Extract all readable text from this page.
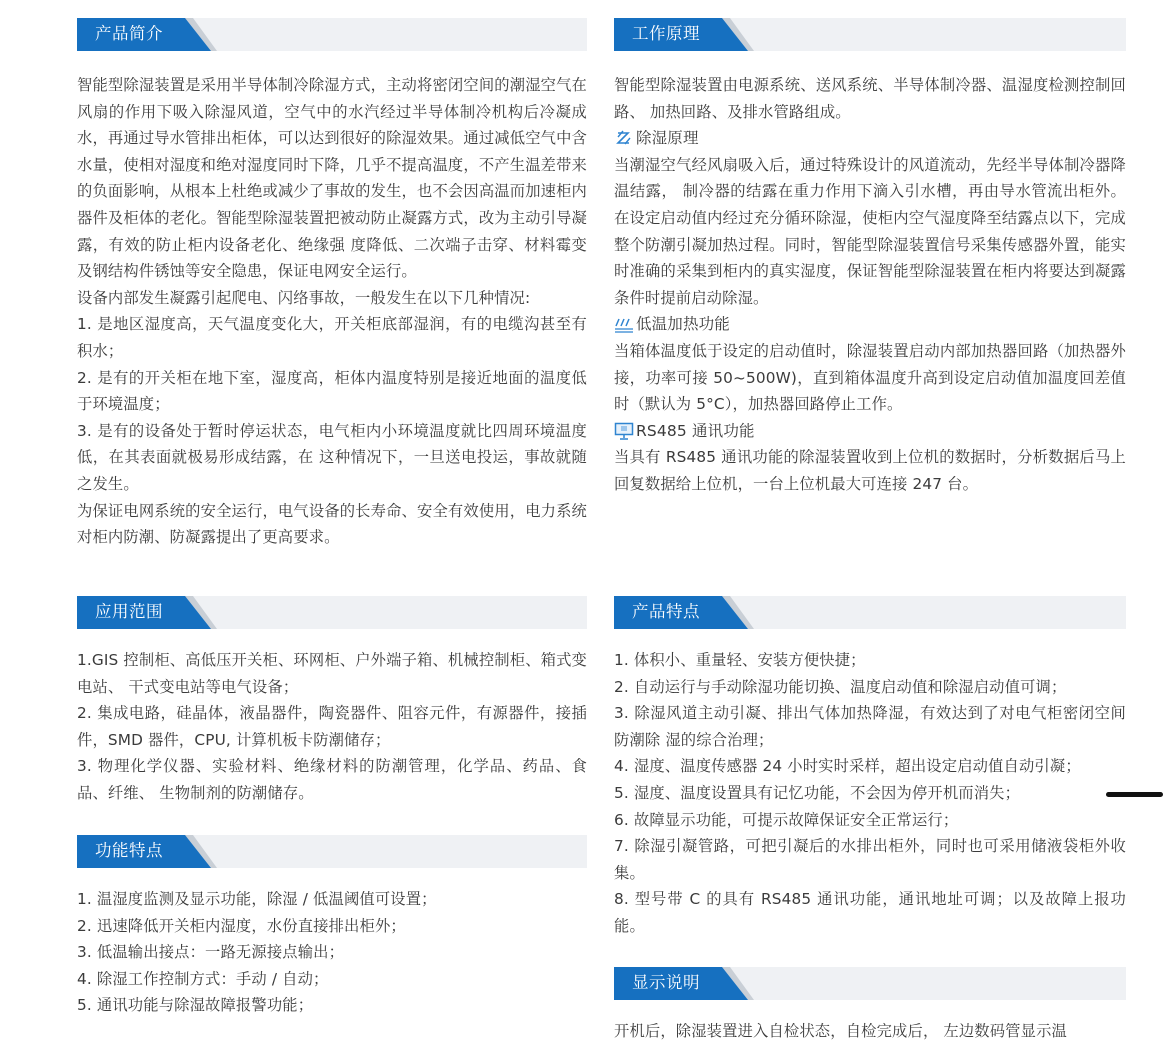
产品简介

智能型除湿装置是采用半导体制冷除湿方式，主动将密闭空间的潮湿空气在风扇的作用下吸入除湿风道，空气中的水汽经过半导体制冷机构后冷凝成水，再通过导水管排出柜体，可以达到很好的除湿效果。通过减低空气中含水量，使相对湿度和绝对湿度同时下降，几乎不提高温度，不产生温差带来的负面影响，从根本上杜绝或减少了事故的发生，也不会因高温而加速柜内器件及柜体的老化。智能型除湿装置把被动防止凝露方式，改为主动引导凝露，有效的防止柜内设备老化、绝缘强 度降低、二次端子击穿、材料霉变及钢结构件锈蚀等安全隐患，保证电网安全运行。

设备内部发生凝露引起爬电、闪络事故，一般发生在以下几种情况:

1. 是地区湿度高，天气温度变化大，开关柜底部湿润，有的电缆沟甚至有积水；

2. 是有的开关柜在地下室，湿度高，柜体内温度特别是接近地面的温度低于环境温度；

3. 是有的设备处于暂时停运状态，电气柜内小环境温度就比四周环境温度低，在其表面就极易形成结露，在 这种情况下，一旦送电投运，事故就随之发生。

为保证电网系统的安全运行，电气设备的长寿命、安全有效使用，电力系统对柜内防潮、防凝露提出了更高要求。

应用范围

1.GIS 控制柜、高低压开关柜、环网柜、户外端子箱、机械控制柜、箱式变电站、 干式变电站等电气设备；

2. 集成电路，硅晶体，液晶器件，陶瓷器件、阻容元件，有源器件，接插件，SMD 器件，CPU, 计算机板卡防潮储存；

3. 物理化学仪器、实验材料、绝缘材料的防潮管理，化学品、药品、食品、纤维、 生物制剂的防潮储存。

功能特点

1. 温湿度监测及显示功能，除湿 / 低温阈值可设置；

2. 迅速降低开关柜内湿度，水份直接排出柜外；

3. 低温输出接点：一路无源接点输出；

4. 除湿工作控制方式：手动 / 自动；

5. 通讯功能与除湿故障报警功能；

工作原理

智能型除湿装置由电源系统、送风系统、半导体制冷器、温湿度检测控制回路、 加热回路、及排水管路组成。

除湿原理

当潮湿空气经风扇吸入后，通过特殊设计的风道流动，先经半导体制冷器降温结露， 制冷器的结露在重力作用下滴入引水槽，再由导水管流出柜外。在设定启动值内经过充分循环除湿，使柜内空气湿度降至结露点以下，完成整个防潮引凝加热过程。同时，智能型除湿装置信号采集传感器外置，能实时准确的采集到柜内的真实湿度，保证智能型除湿装置在柜内将要达到凝露条件时提前启动除湿。

低温加热功能

当箱体温度低于设定的启动值时，除湿装置启动内部加热器回路（加热器外接，功率可接 50~500W)，直到箱体温度升高到设定启动值加温度回差值时（默认为 5°C），加热器回路停止工作。

RS485 通讯功能

当具有 RS485 通讯功能的除湿装置收到上位机的数据时，分析数据后马上回复数据给上位机，一台上位机最大可连接 247 台。

产品特点

1. 体积小、重量轻、安装方便快捷；

2. 自动运行与手动除湿功能切换、温度启动值和除湿启动值可调；

3. 除湿风道主动引凝、排出气体加热降湿，有效达到了对电气柜密闭空间防潮除 湿的综合治理；

4. 湿度、温度传感器 24 小时实时采样，超出设定启动值自动引凝；

5. 湿度、温度设置具有记忆功能，不会因为停开机而消失；

6. 故障显示功能，可提示故障保证安全正常运行；

7. 除湿引凝管路，可把引凝后的水排出柜外，同时也可采用储液袋柜外收集。

8. 型号带 C 的具有 RS485 通讯功能，通讯地址可调；以及故障上报功能。

显示说明

开机后，除湿装置进入自检状态，自检完成后， 左边数码管显示温
